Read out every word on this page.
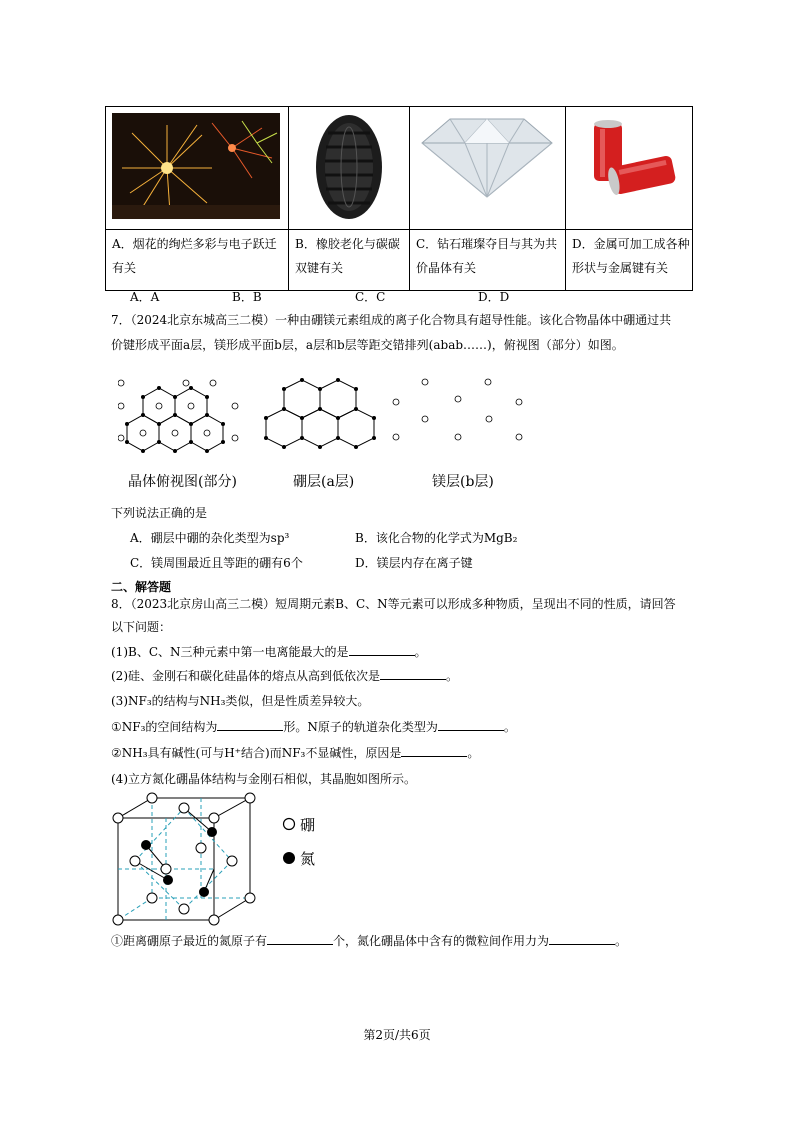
A．烟花的绚烂多彩与电子跃迁有关	B．橡胶老化与碳碳双键有关	C．钻石璀璨夺目与其为共价晶体有关	D．金属可加工成各种形状与金属键有关
A．A	B．B	C．C	D．D
7．（2024北京东城高三二模）一种由硼镁元素组成的离子化合物具有超导性能。该化合物晶体中硼通过共
价键形成平面a层，镁形成平面b层，a层和b层等距交错排列(abab……)，俯视图（部分）如图。
晶体俯视图(部分)	硼层(a层)	镁层(b层)
下列说法正确的是
A．硼层中硼的杂化类型为sp³	B．该化合物的化学式为MgB₂
C．镁周围最近且等距的硼有6个	D．镁层内存在离子键
二、解答题
8．（2023北京房山高三二模）短周期元素B、C、N等元素可以形成多种物质，呈现出不同的性质，请回答
以下问题：
(1)B、C、N三种元素中第一电离能最大的是	。
(2)硅、金刚石和碳化硅晶体的熔点从高到低依次是	。
(3)NF₃的结构与NH₃类似，但是性质差异较大。
①NF₃的空间结构为	形。N原子的轨道杂化类型为	。
②NH₃具有碱性(可与H⁺结合)而NF₃不显碱性，原因是	。
(4)立方氮化硼晶体结构与金刚石相似，其晶胞如图所示。
硼
氮
①距离硼原子最近的氮原子有	个，氮化硼晶体中含有的微粒间作用力为	。
第2页/共6页
